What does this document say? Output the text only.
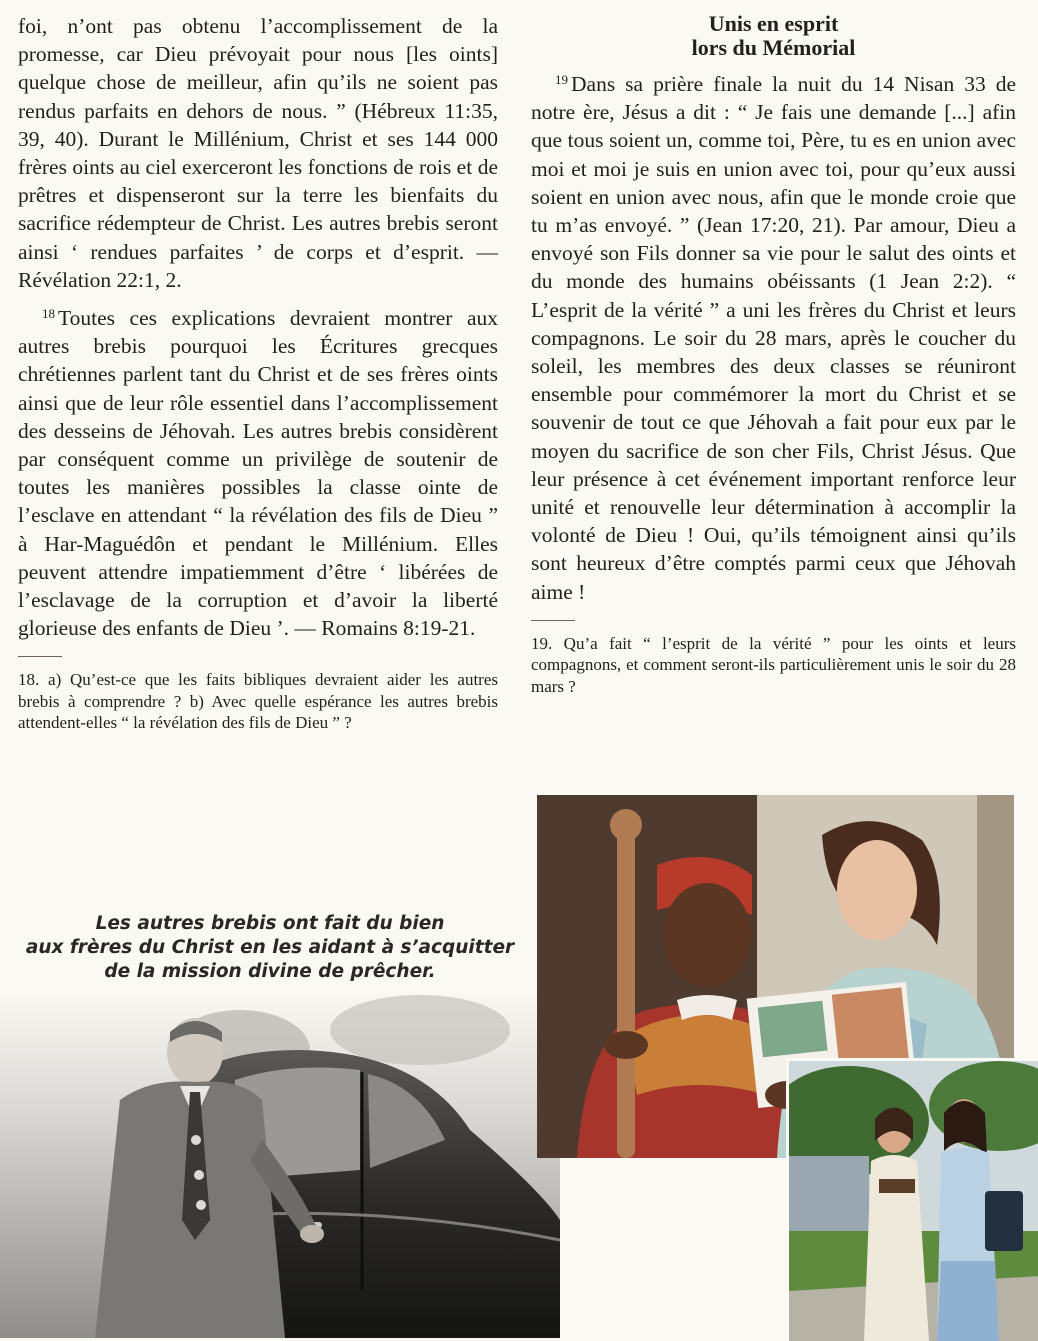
foi, n’ont pas obtenu l’accomplissement de la promesse, car Dieu prévoyait pour nous [les oints] quelque chose de meilleur, afin qu’ils ne soient pas rendus parfaits en dehors de nous. ” (Hébreux 11:35, 39, 40). Durant le Millénium, Christ et ses 144 000 frères oints au ciel exerceront les fonctions de rois et de prêtres et dispenseront sur la terre les bienfaits du sacrifice rédempteur de Christ. Les autres brebis seront ainsi ‘ rendues parfaites ’ de corps et d’esprit. — Révélation 22:1, 2.

$^{18}$ Toutes ces explications devraient montrer aux autres brebis pourquoi les Écritures grecques chrétiennes parlent tant du Christ et de ses frères oints ainsi que de leur rôle essentiel dans l’accomplissement des desseins de Jéhovah. Les autres brebis considèrent par conséquent comme un privilège de soutenir de toutes les manières possibles la classe ointe de l’esclave en attendant “ la révélation des fils de Dieu ” à Har-Maguédôn et pendant le Millénium. Elles peuvent attendre impatiemment d’être ‘ libérées de l’esclavage de la corruption et d’avoir la liberté glorieuse des enfants de Dieu ’. — Romains 8:19-21.

18. a) Qu’est-ce que les faits bibliques devraient aider les autres brebis à comprendre ? b) Avec quelle espérance les autres brebis attendent-elles “ la révélation des fils de Dieu ” ?

Unis en esprit
lors du Mémorial

$^{19}$ Dans sa prière finale la nuit du 14 Nisan 33 de notre ère, Jésus a dit : “ Je fais une demande [...] afin que tous soient un, comme toi, Père, tu es en union avec moi et moi je suis en union avec toi, pour qu’eux aussi soient en union avec nous, afin que le monde croie que tu m’as envoyé. ” (Jean 17:20, 21). Par amour, Dieu a envoyé son Fils donner sa vie pour le salut des oints et du monde des humains obéissants (1 Jean 2:2). “ L’esprit de la vérité ” a uni les frères du Christ et leurs compagnons. Le soir du 28 mars, après le coucher du soleil, les membres des deux classes se réuniront ensemble pour commémorer la mort du Christ et se souvenir de tout ce que Jéhovah a fait pour eux par le moyen du sacrifice de son cher Fils, Christ Jésus. Que leur présence à cet événement important renforce leur unité et renouvelle leur détermination à accomplir la volonté de Dieu ! Oui, qu’ils témoignent ainsi qu’ils sont heureux d’être comptés parmi ceux que Jéhovah aime !

19. Qu’a fait “ l’esprit de la vérité ” pour les oints et leurs compagnons, et comment seront-ils particulièrement unis le soir du 28 mars ?

Les autres brebis ont fait du bien
aux frères du Christ en les aidant à s’acquitter
de la mission divine de prêcher.
